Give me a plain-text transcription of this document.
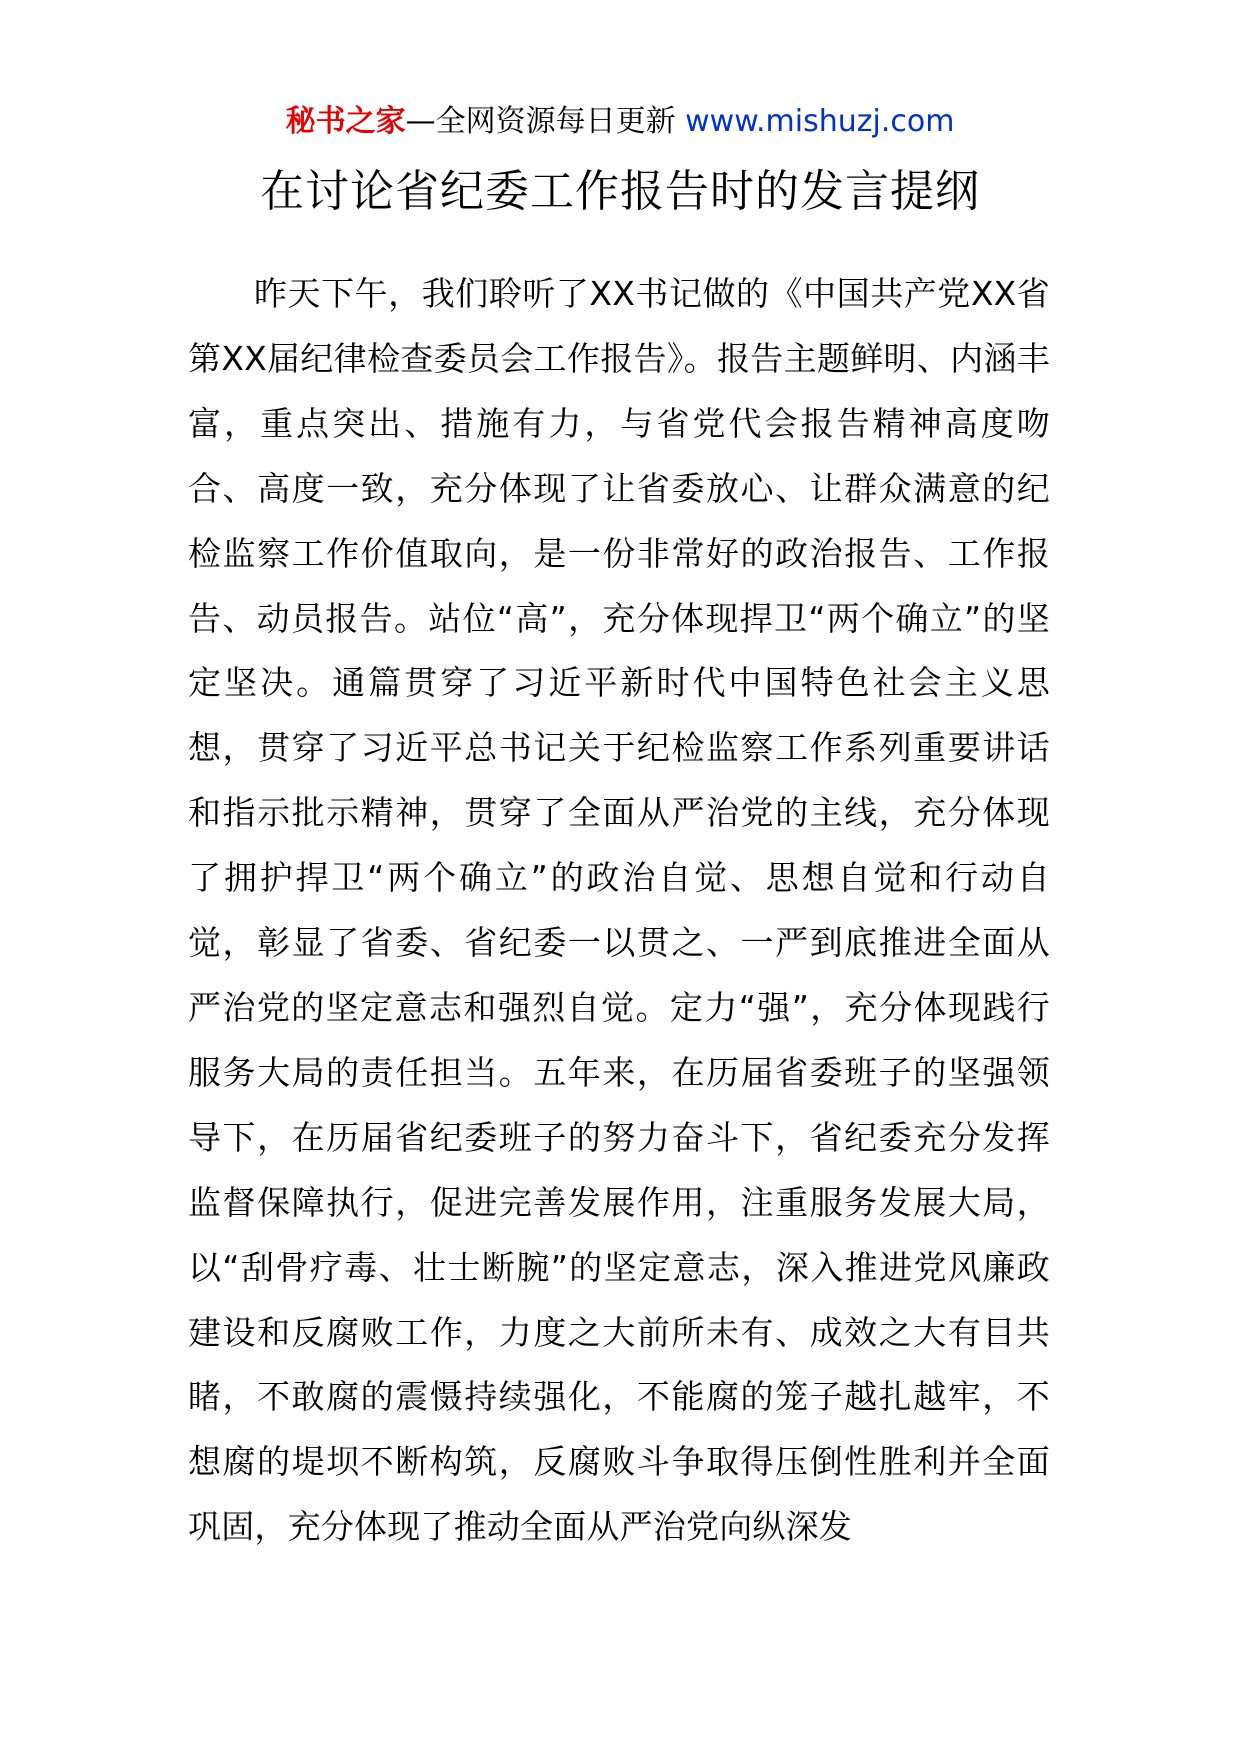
秘书之家—全网资源每日更新 www.mishuzj.com
在讨论省纪委工作报告时的发言提纲

昨天下午，我们聆听了XX书记做的《中国共产党XX省第XX届纪律检查委员会工作报告》。报告主题鲜明、内涵丰富，重点突出、措施有力，与省党代会报告精神高度吻合、高度一致，充分体现了让省委放心、让群众满意的纪检监察工作价值取向，是一份非常好的政治报告、工作报告、动员报告。站位“高”，充分体现捍卫“两个确立”的坚定坚决。通篇贯穿了习近平新时代中国特色社会主义思想，贯穿了习近平总书记关于纪检监察工作系列重要讲话和指示批示精神，贯穿了全面从严治党的主线，充分体现了拥护捍卫“两个确立”的政治自觉、思想自觉和行动自觉，彰显了省委、省纪委一以贯之、一严到底推进全面从严治党的坚定意志和强烈自觉。定力“强”，充分体现践行服务大局的责任担当。五年来，在历届省委班子的坚强领导下，在历届省纪委班子的努力奋斗下，省纪委充分发挥监督保障执行，促进完善发展作用，注重服务发展大局，以“刮骨疗毒、壮士断腕”的坚定意志，深入推进党风廉政建设和反腐败工作，力度之大前所未有、成效之大有目共睹，不敢腐的震慑持续强化，不能腐的笼子越扎越牢，不想腐的堤坝不断构筑，反腐败斗争取得压倒性胜利并全面巩固，充分体现了推动全面从严治党向纵深发
